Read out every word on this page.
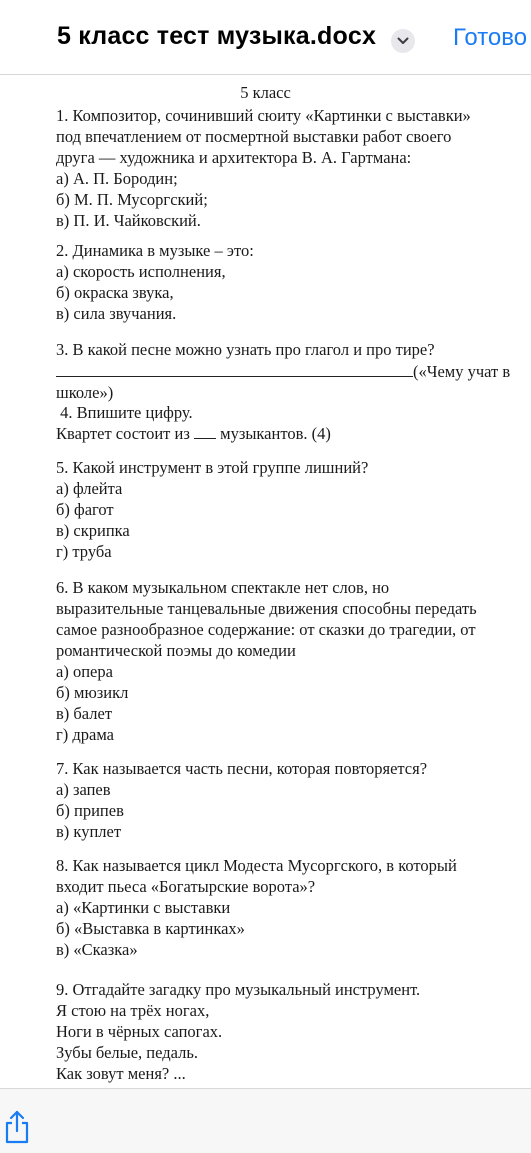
5 класс тест музыка.docx	Готово
5 класс
1. Композитор, сочинивший сюиту «Картинки с выставки»
под впечатлением от посмертной выставки работ своего
друга — художника и архитектора В. А. Гартмана:
а) А. П. Бородин;
б) М. П. Мусоргский;
в) П. И. Чайковский.
2. Динамика в музыке – это:
а) скорость исполнения,
б) окраска звука,
в) сила звучания.
3. В какой песне можно узнать про глагол и про тире?
(«Чему учат в
школе»)
4. Впишите цифру.
Квартет состоит из  музыкантов. (4)
5. Какой инструмент в этой группе лишний?
а) флейта
б) фагот
в) скрипка
г) труба
6. В каком музыкальном спектакле нет слов, но
выразительные танцевальные движения способны передать
самое разнообразное содержание: от сказки до трагедии, от
романтической поэмы до комедии
а) опера
б) мюзикл
в) балет
г) драма
7. Как называется часть песни, которая повторяется?
а) запев
б) припев
в) куплет
8. Как называется цикл Модеста Мусоргского, в который
входит пьеса «Богатырские ворота»?
а) «Картинки с выставки
б) «Выставка в картинках»
в) «Сказка»
9. Отгадайте загадку про музыкальный инструмент.
Я стою на трёх ногах,
Ноги в чёрных сапогах.
Зубы белые, педаль.
Как зовут меня? ...
